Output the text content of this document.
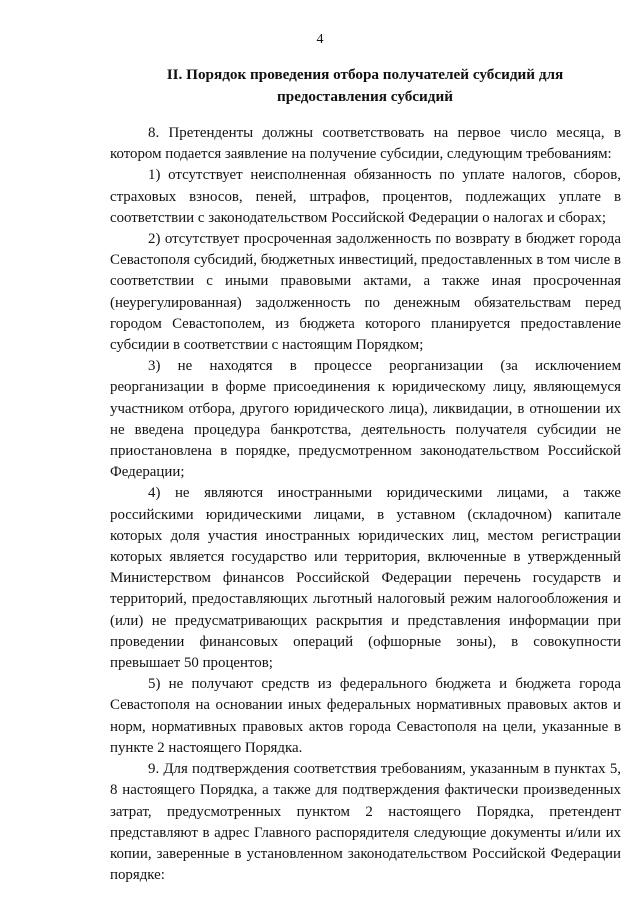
4
II. Порядок проведения отбора получателей субсидий для
предоставления субсидий

8. Претенденты должны соответствовать на первое число месяца, в котором подается заявление на получение субсидии, следующим требованиям:

1) отсутствует неисполненная обязанность по уплате налогов, сборов, страховых взносов, пеней, штрафов, процентов, подлежащих уплате в соответствии с законодательством Российской Федерации о налогах и сборах;

2) отсутствует просроченная задолженность по возврату в бюджет города Севастополя субсидий, бюджетных инвестиций, предоставленных в том числе в соответствии с иными правовыми актами, а также иная просроченная (неурегулированная) задолженность по денежным обязательствам перед городом Севастополем, из бюджета которого планируется предоставление субсидии в соответствии с настоящим Порядком;

3) не находятся в процессе реорганизации (за исключением реорганизации в форме присоединения к юридическому лицу, являющемуся участником отбора, другого юридического лица), ликвидации, в отношении их не введена процедура банкротства, деятельность получателя субсидии не приостановлена в порядке, предусмотренном законодательством Российской Федерации;

4) не являются иностранными юридическими лицами, а также российскими юридическими лицами, в уставном (складочном) капитале которых доля участия иностранных юридических лиц, местом регистрации которых является государство или территория, включенные в утвержденный Министерством финансов Российской Федерации перечень государств и территорий, предоставляющих льготный налоговый режим налогообложения и (или) не предусматривающих раскрытия и представления информации при проведении финансовых операций (офшорные зоны), в совокупности превышает 50 процентов;

5) не получают средств из федерального бюджета и бюджета города Севастополя на основании иных федеральных нормативных правовых актов и норм, нормативных правовых актов города Севастополя на цели, указанные в пункте 2 настоящего Порядка.

9. Для подтверждения соответствия требованиям, указанным в пунктах 5, 8 настоящего Порядка, а также для подтверждения фактически произведенных затрат, предусмотренных пунктом 2 настоящего Порядка, претендент представляют в адрес Главного распорядителя следующие документы и/или их копии, заверенные в установленном законодательством Российской Федерации порядке:
